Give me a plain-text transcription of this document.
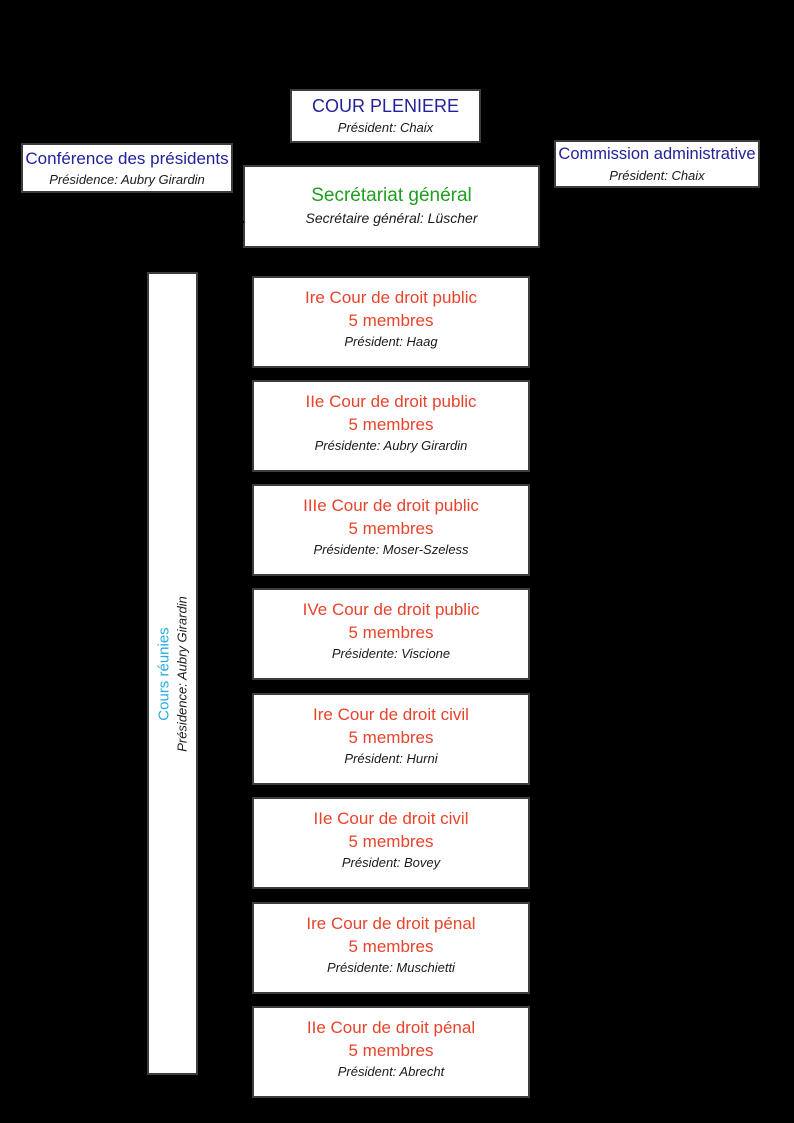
COUR PLENIERE
Président: Chaix
Conférence des présidents
Présidence: Aubry Girardin
Commission administrative
Président: Chaix
Secrétariat général
Secrétaire général: Lüscher
Cours réunies Présidence: Aubry Girardin
Ire Cour de droit public
5 membres
Président: Haag
IIe Cour de droit public
5 membres
Présidente: Aubry Girardin
IIIe Cour de droit public
5 membres
Présidente: Moser-Szeless
IVe Cour de droit public
5 membres
Présidente: Viscione
Ire Cour de droit civil
5 membres
Président: Hurni
IIe Cour de droit civil
5 membres
Président: Bovey
Ire Cour de droit pénal
5 membres
Présidente: Muschietti
IIe Cour de droit pénal
5 membres
Président: Abrecht
